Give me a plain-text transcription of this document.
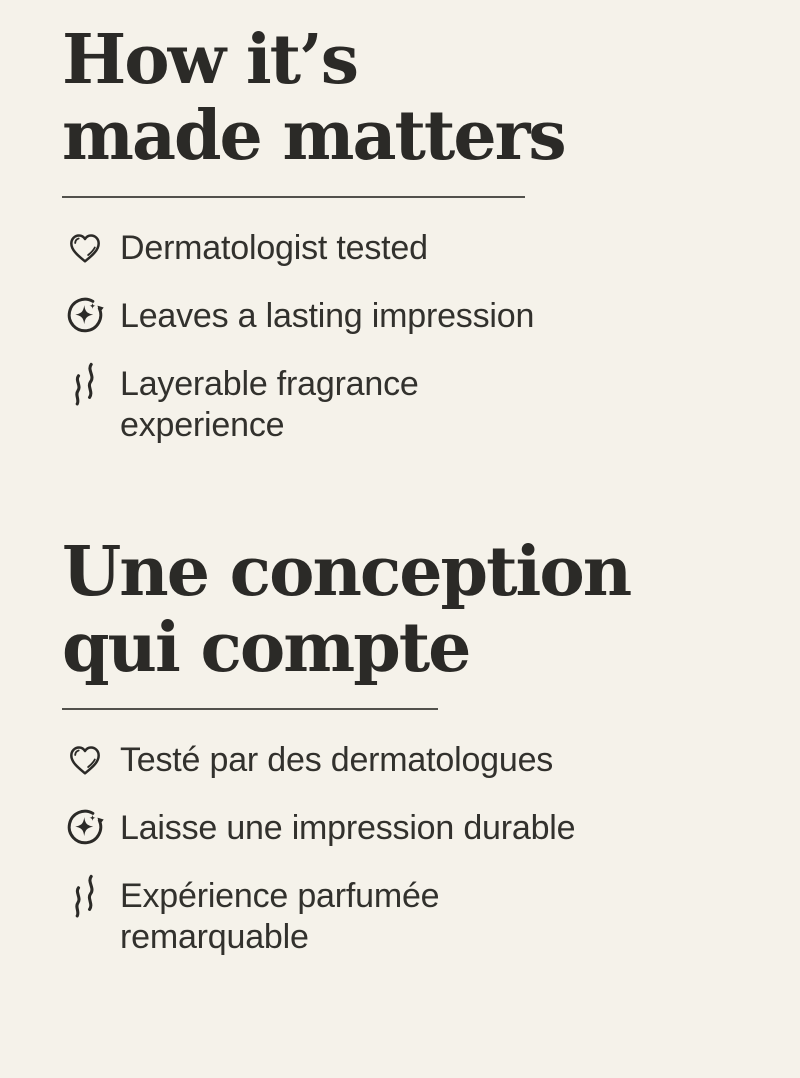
How it’s
made matters
Dermatologist tested
Leaves a lasting impression
Layerable fragrance
experience
Une conception
qui compte
Testé par des dermatologues
Laisse une impression durable
Expérience parfumée
remarquable
